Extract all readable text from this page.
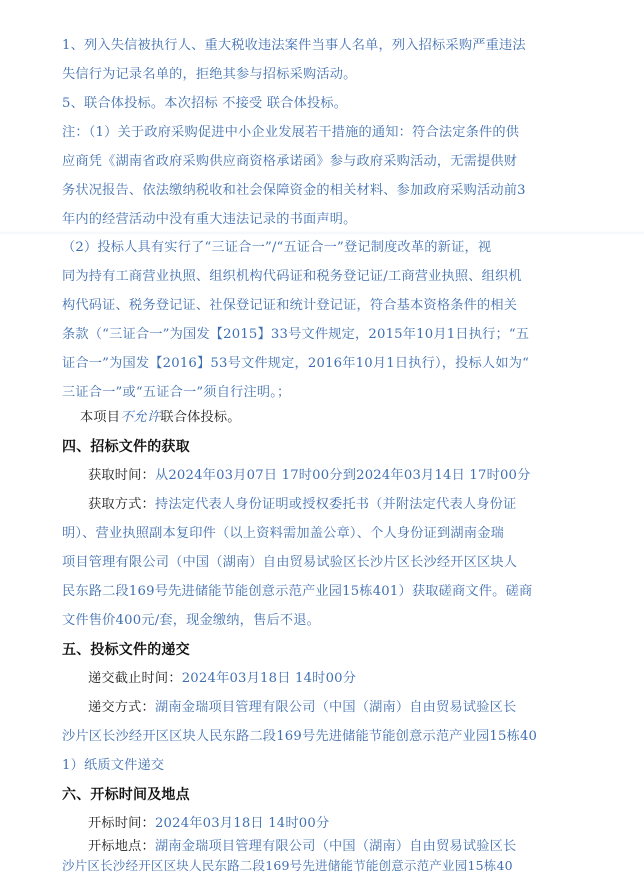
1、列入失信被执行人、重大税收违法案件当事人名单，列入招标采购严重违法
失信行为记录名单的，拒绝其参与招标采购活动。
5、联合体投标。本次招标 不接受 联合体投标。
注：（1）关于政府采购促进中小企业发展若干措施的通知：符合法定条件的供
应商凭《湖南省政府采购供应商资格承诺函》参与政府采购活动，无需提供财
务状况报告、依法缴纳税收和社会保障资金的相关材料、参加政府采购活动前3
年内的经营活动中没有重大违法记录的书面声明。
（2）投标人具有实行了“三证合一”/“五证合一”登记制度改革的新证，视
同为持有工商营业执照、组织机构代码证和税务登记证/工商营业执照、组织机
构代码证、税务登记证、社保登记证和统计登记证，符合基本资格条件的相关
条款（“三证合一”为国发【2015】33号文件规定，2015年10月1日执行；“五
证合一”为国发【2016】53号文件规定，2016年10月1日执行），投标人如为“
三证合一”或“五证合一”须自行注明。；
本项目不允许联合体投标。
四、招标文件的获取
获取时间：从2024年03月07日 17时00分到2024年03月14日 17时00分
获取方式：持法定代表人身份证明或授权委托书（并附法定代表人身份证
明）、营业执照副本复印件（以上资料需加盖公章）、个人身份证到湖南金瑞
项目管理有限公司（中国（湖南）自由贸易试验区长沙片区长沙经开区区块人
民东路二段169号先进储能节能创意示范产业园15栋401）获取磋商文件。磋商
文件售价400元/套，现金缴纳，售后不退。
五、投标文件的递交
递交截止时间：2024年03月18日 14时00分
递交方式：湖南金瑞项目管理有限公司（中国（湖南）自由贸易试验区长
沙片区长沙经开区区块人民东路二段169号先进储能节能创意示范产业园15栋40
1）纸质文件递交
六、开标时间及地点
开标时间：2024年03月18日 14时00分
开标地点：湖南金瑞项目管理有限公司（中国（湖南）自由贸易试验区长
沙片区长沙经开区区块人民东路二段169号先进储能节能创意示范产业园15栋40
